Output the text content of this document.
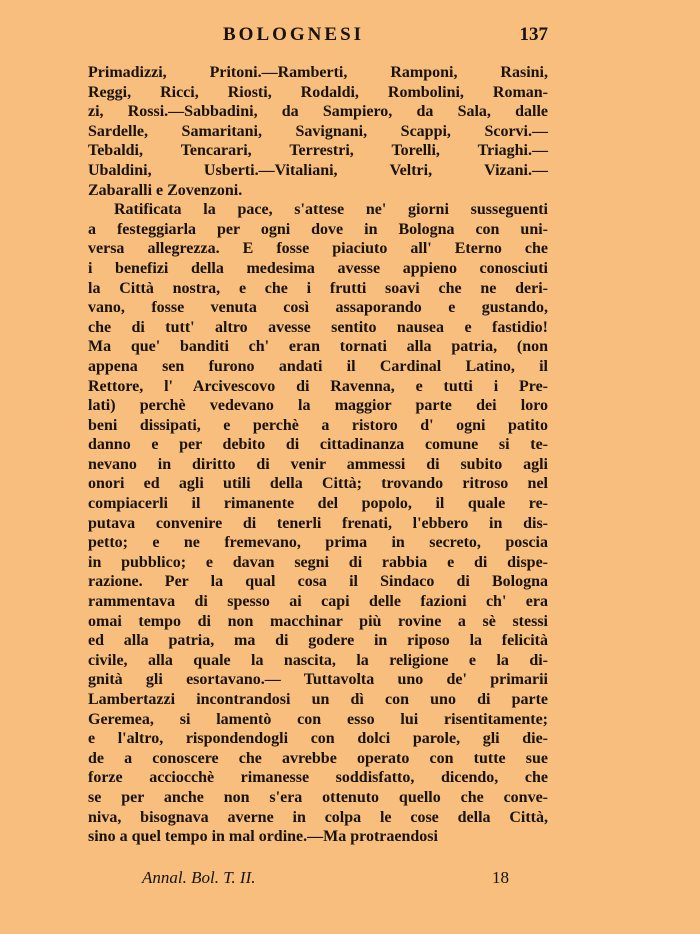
BOLOGNESI	137
Primadizzi, Pritoni.—Ramberti, Ramponi, Rasini,
Reggi, Ricci, Riosti, Rodaldi, Rombolini, Roman-
zi, Rossi.—Sabbadini, da Sampiero, da Sala, dalle
Sardelle, Samaritani, Savignani, Scappi, Scorvi.—
Tebaldi, Tencarari, Terrestri, Torelli, Triaghi.—
Ubaldini, Usberti.—Vitaliani, Veltri, Vizani.—
Zabaralli e Zovenzoni.
Ratificata la pace, s'attese ne' giorni susseguenti
a festeggiarla per ogni dove in Bologna con uni-
versa allegrezza. E fosse piaciuto all' Eterno che
i benefizi della medesima avesse appieno conosciuti
la Città nostra, e che i frutti soavi che ne deri-
vano, fosse venuta così assaporando e gustando,
che di tutt' altro avesse sentito nausea e fastidio!
Ma que' banditi ch' eran tornati alla patria, (non
appena sen furono andati il Cardinal Latino, il
Rettore, l' Arcivescovo di Ravenna, e tutti i Pre-
lati) perchè vedevano la maggior parte dei loro
beni dissipati, e perchè a ristoro d' ogni patito
danno e per debito di cittadinanza comune si te-
nevano in diritto di venir ammessi di subito agli
onori ed agli utili della Città; trovando ritroso nel
compiacerli il rimanente del popolo, il quale re-
putava convenire di tenerli frenati, l'ebbero in dis-
petto; e ne fremevano, prima in secreto, poscia
in pubblico; e davan segni di rabbia e di dispe-
razione. Per la qual cosa il Sindaco di Bologna
rammentava di spesso ai capi delle fazioni ch' era
omai tempo di non macchinar più rovine a sè stessi
ed alla patria, ma di godere in riposo la felicità
civile, alla quale la nascita, la religione e la di-
gnità gli esortavano.— Tuttavolta uno de' primarii
Lambertazzi incontrandosi un dì con uno di parte
Geremea, si lamentò con esso lui risentitamente;
e l'altro, rispondendogli con dolci parole, gli die-
de a conoscere che avrebbe operato con tutte sue
forze acciocchè rimanesse soddisfatto, dicendo, che
se per anche non s'era ottenuto quello che conve-
niva, bisognava averne in colpa le cose della Città,
sino a quel tempo in mal ordine.—Ma protraendosi
Annal. Bol. T. II.	18
